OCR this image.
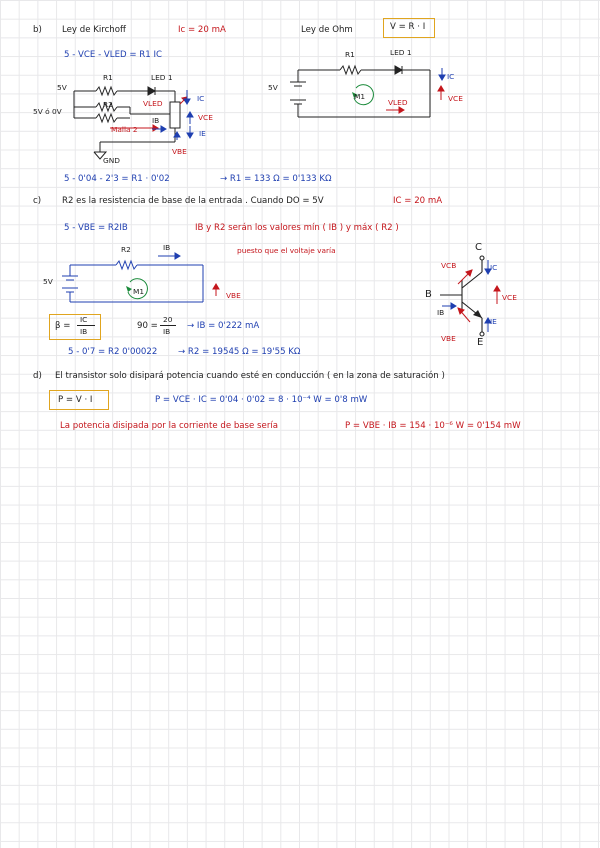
b) Ley de Kirchoff	Ic = 20 mA	Ley de Ohm	V = R · I
5 - VCE - VLED = R1 IC
5V
5V ó 0V
R1	LED 1
R2	VLED
IC
VCE
IB
IE
Malla 2
VBE
GND
5V
R1	LED 1
M1
IC
VCE
VLED
5 - 0'04 - 2'3 = R1 · 0'02	→ R1 = 133 Ω = 0'133 KΩ
c) R2 es la resistencia de base de la entrada . Cuando DO = 5V	IC = 20 mA
5 - VBE = R2IB	IB y R2 serán los valores mín ( IB ) y máx ( R2 )
puesto que el voltaje varía
5V
R2	IB
M1	VBE
C
B
E
VCB
VBE
IB
IC
VCE
IE
β =
IC
IB
90 =
20
IB
→ IB = 0'222 mA
5 - 0'7 = R2 0'00022 → R2 = 19545 Ω = 19'55 KΩ
d) El transistor solo disipará potencia cuando esté en conducción ( en la zona de saturación )
P = V · I	P = VCE · IC = 0'04 · 0'02 = 8 · 10⁻⁴ W = 0'8 mW
La potencia disipada por la corriente de base sería	P = VBE · IB = 154 · 10⁻⁶ W = 0'154 mW
